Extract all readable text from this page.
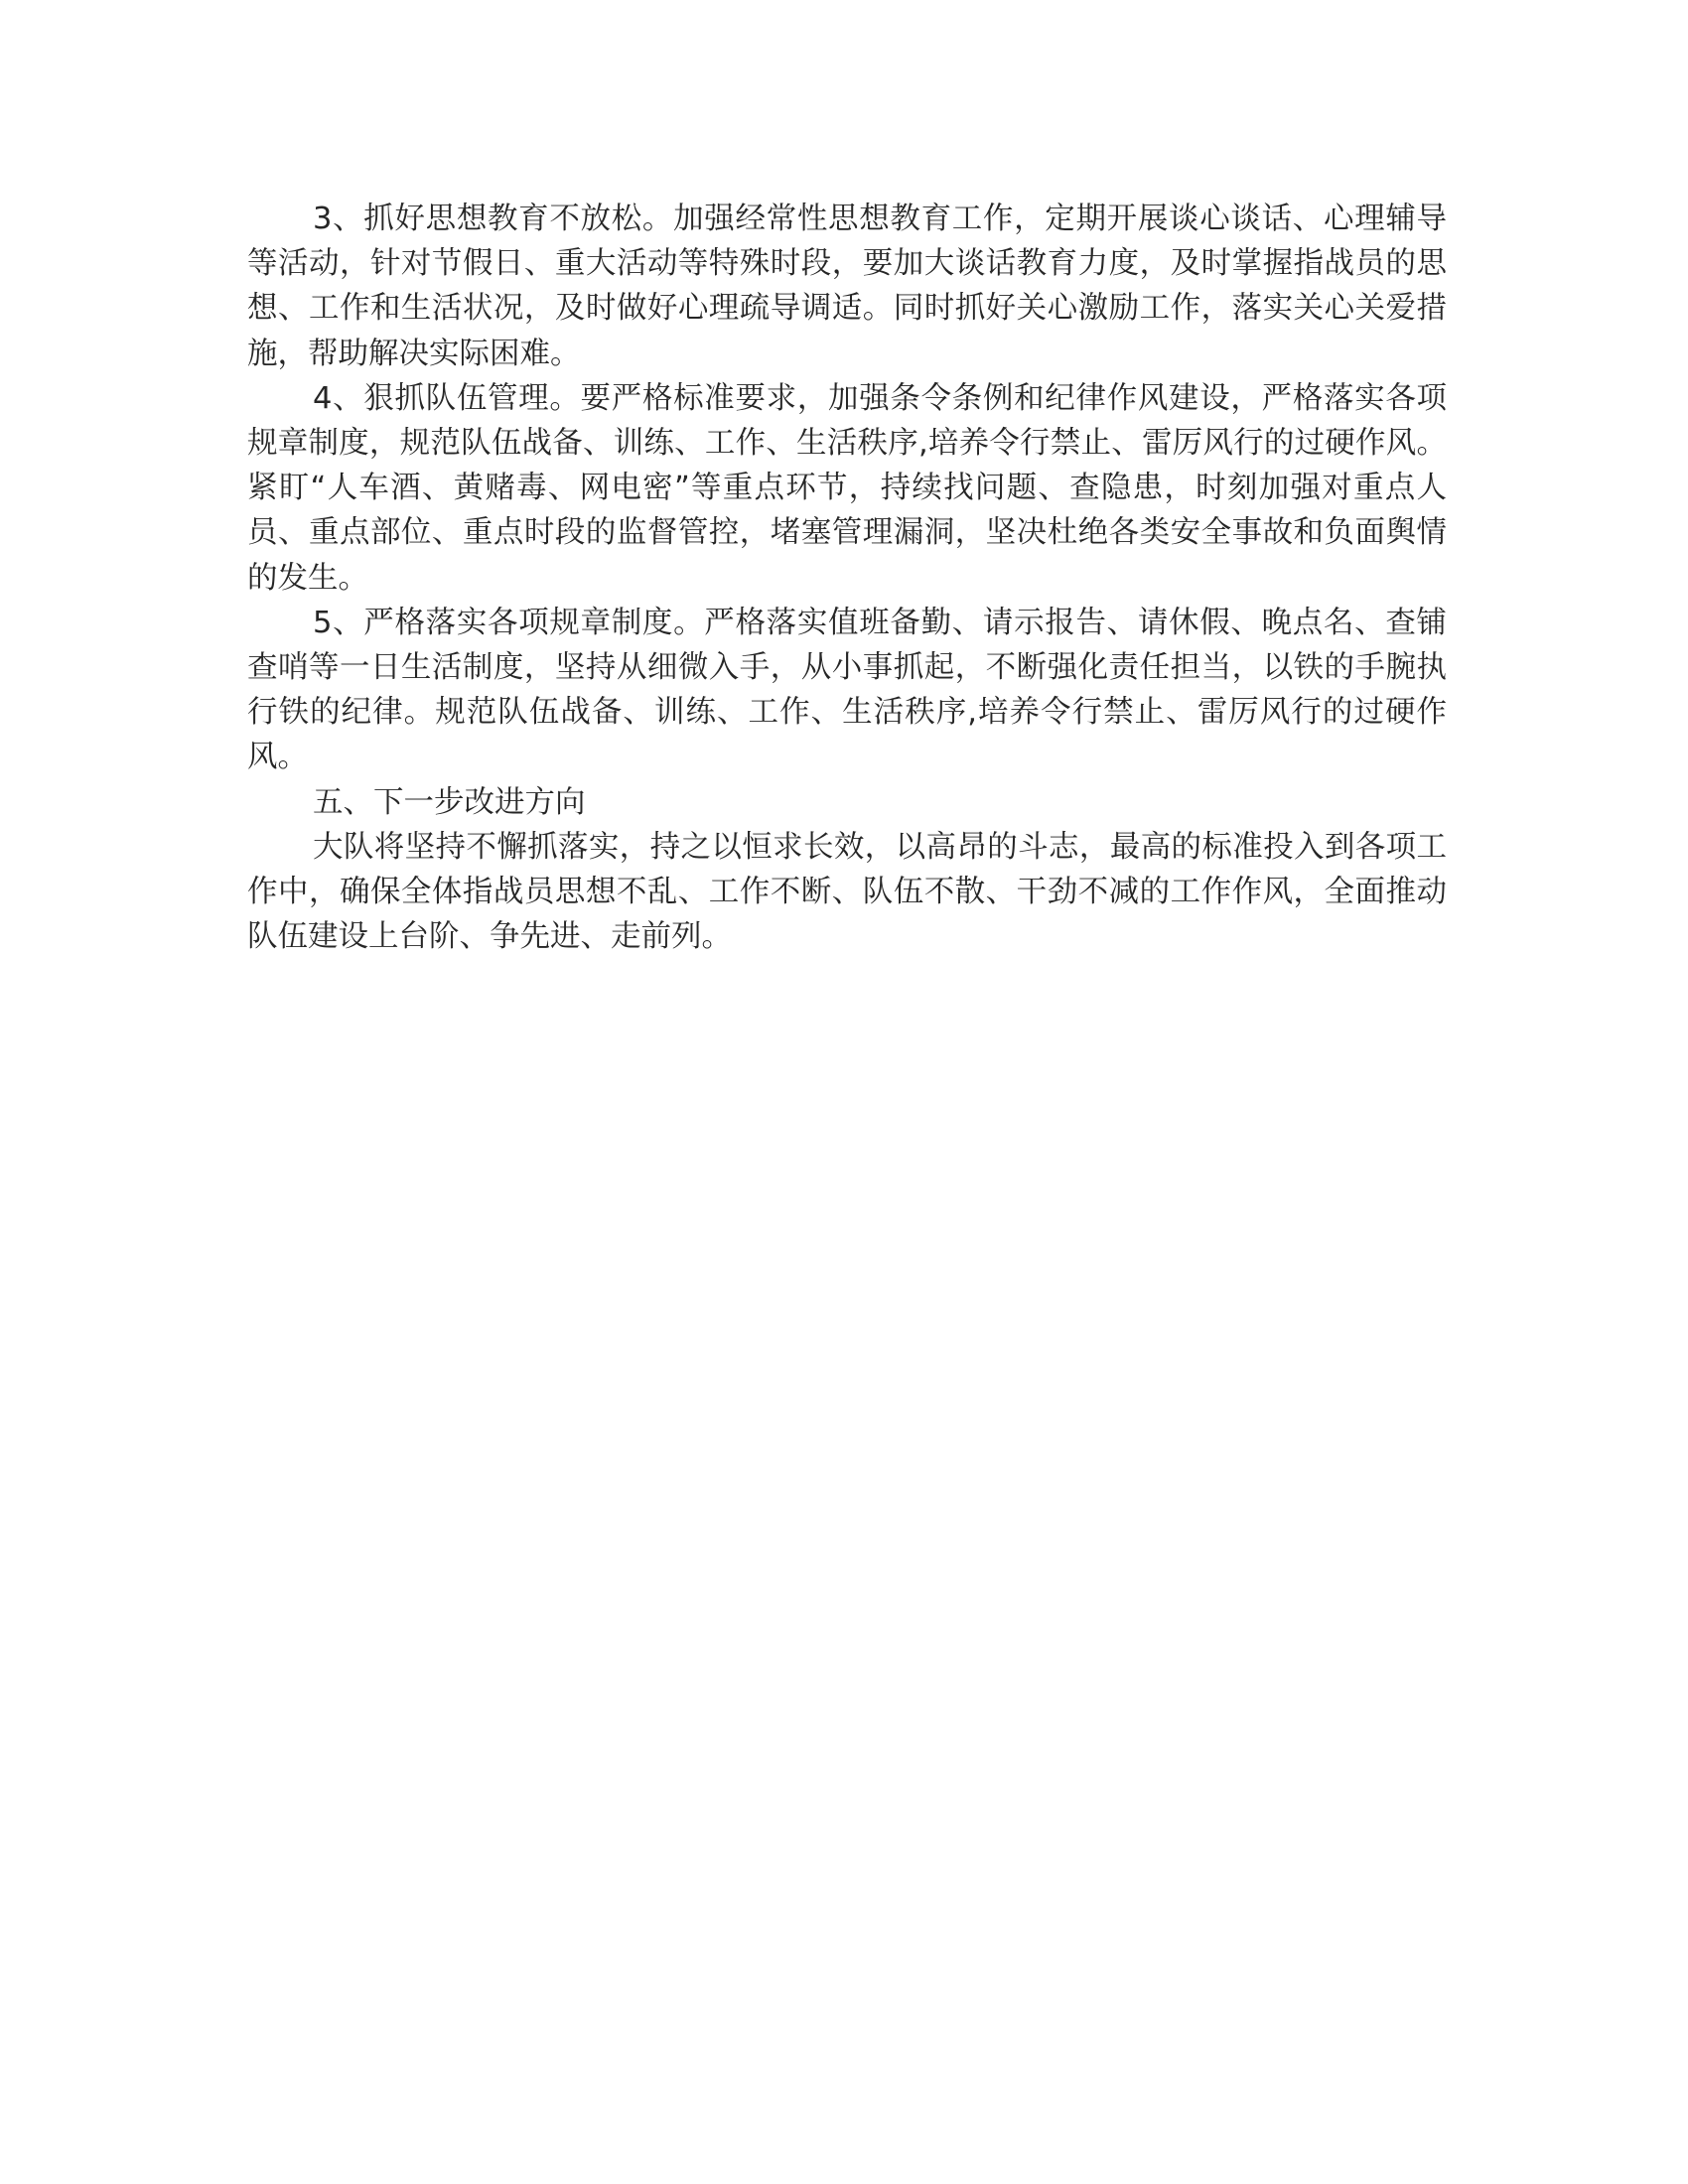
3、抓好思想教育不放松。加强经常性思想教育工作，定期开展谈心谈话、心理辅导等活动，针对节假日、重大活动等特殊时段，要加大谈话教育力度，及时掌握指战员的思想、工作和生活状况，及时做好心理疏导调适。同时抓好关心激励工作，落实关心关爱措施，帮助解决实际困难。

4、狠抓队伍管理。要严格标准要求，加强条令条例和纪律作风建设，严格落实各项规章制度，规范队伍战备、训练、工作、生活秩序,培养令行禁止、雷厉风行的过硬作风。紧盯“人车酒、黄赌毒、网电密”等重点环节，持续找问题、查隐患，时刻加强对重点人员、重点部位、重点时段的监督管控，堵塞管理漏洞，坚决杜绝各类安全事故和负面舆情的发生。

5、严格落实各项规章制度。严格落实值班备勤、请示报告、请休假、晚点名、查铺查哨等一日生活制度，坚持从细微入手，从小事抓起，不断强化责任担当，以铁的手腕执行铁的纪律。规范队伍战备、训练、工作、生活秩序,培养令行禁止、雷厉风行的过硬作风。

五、下一步改进方向

大队将坚持不懈抓落实，持之以恒求长效，以高昂的斗志，最高的标准投入到各项工作中，确保全体指战员思想不乱、工作不断、队伍不散、干劲不减的工作作风，全面推动队伍建设上台阶、争先进、走前列。
